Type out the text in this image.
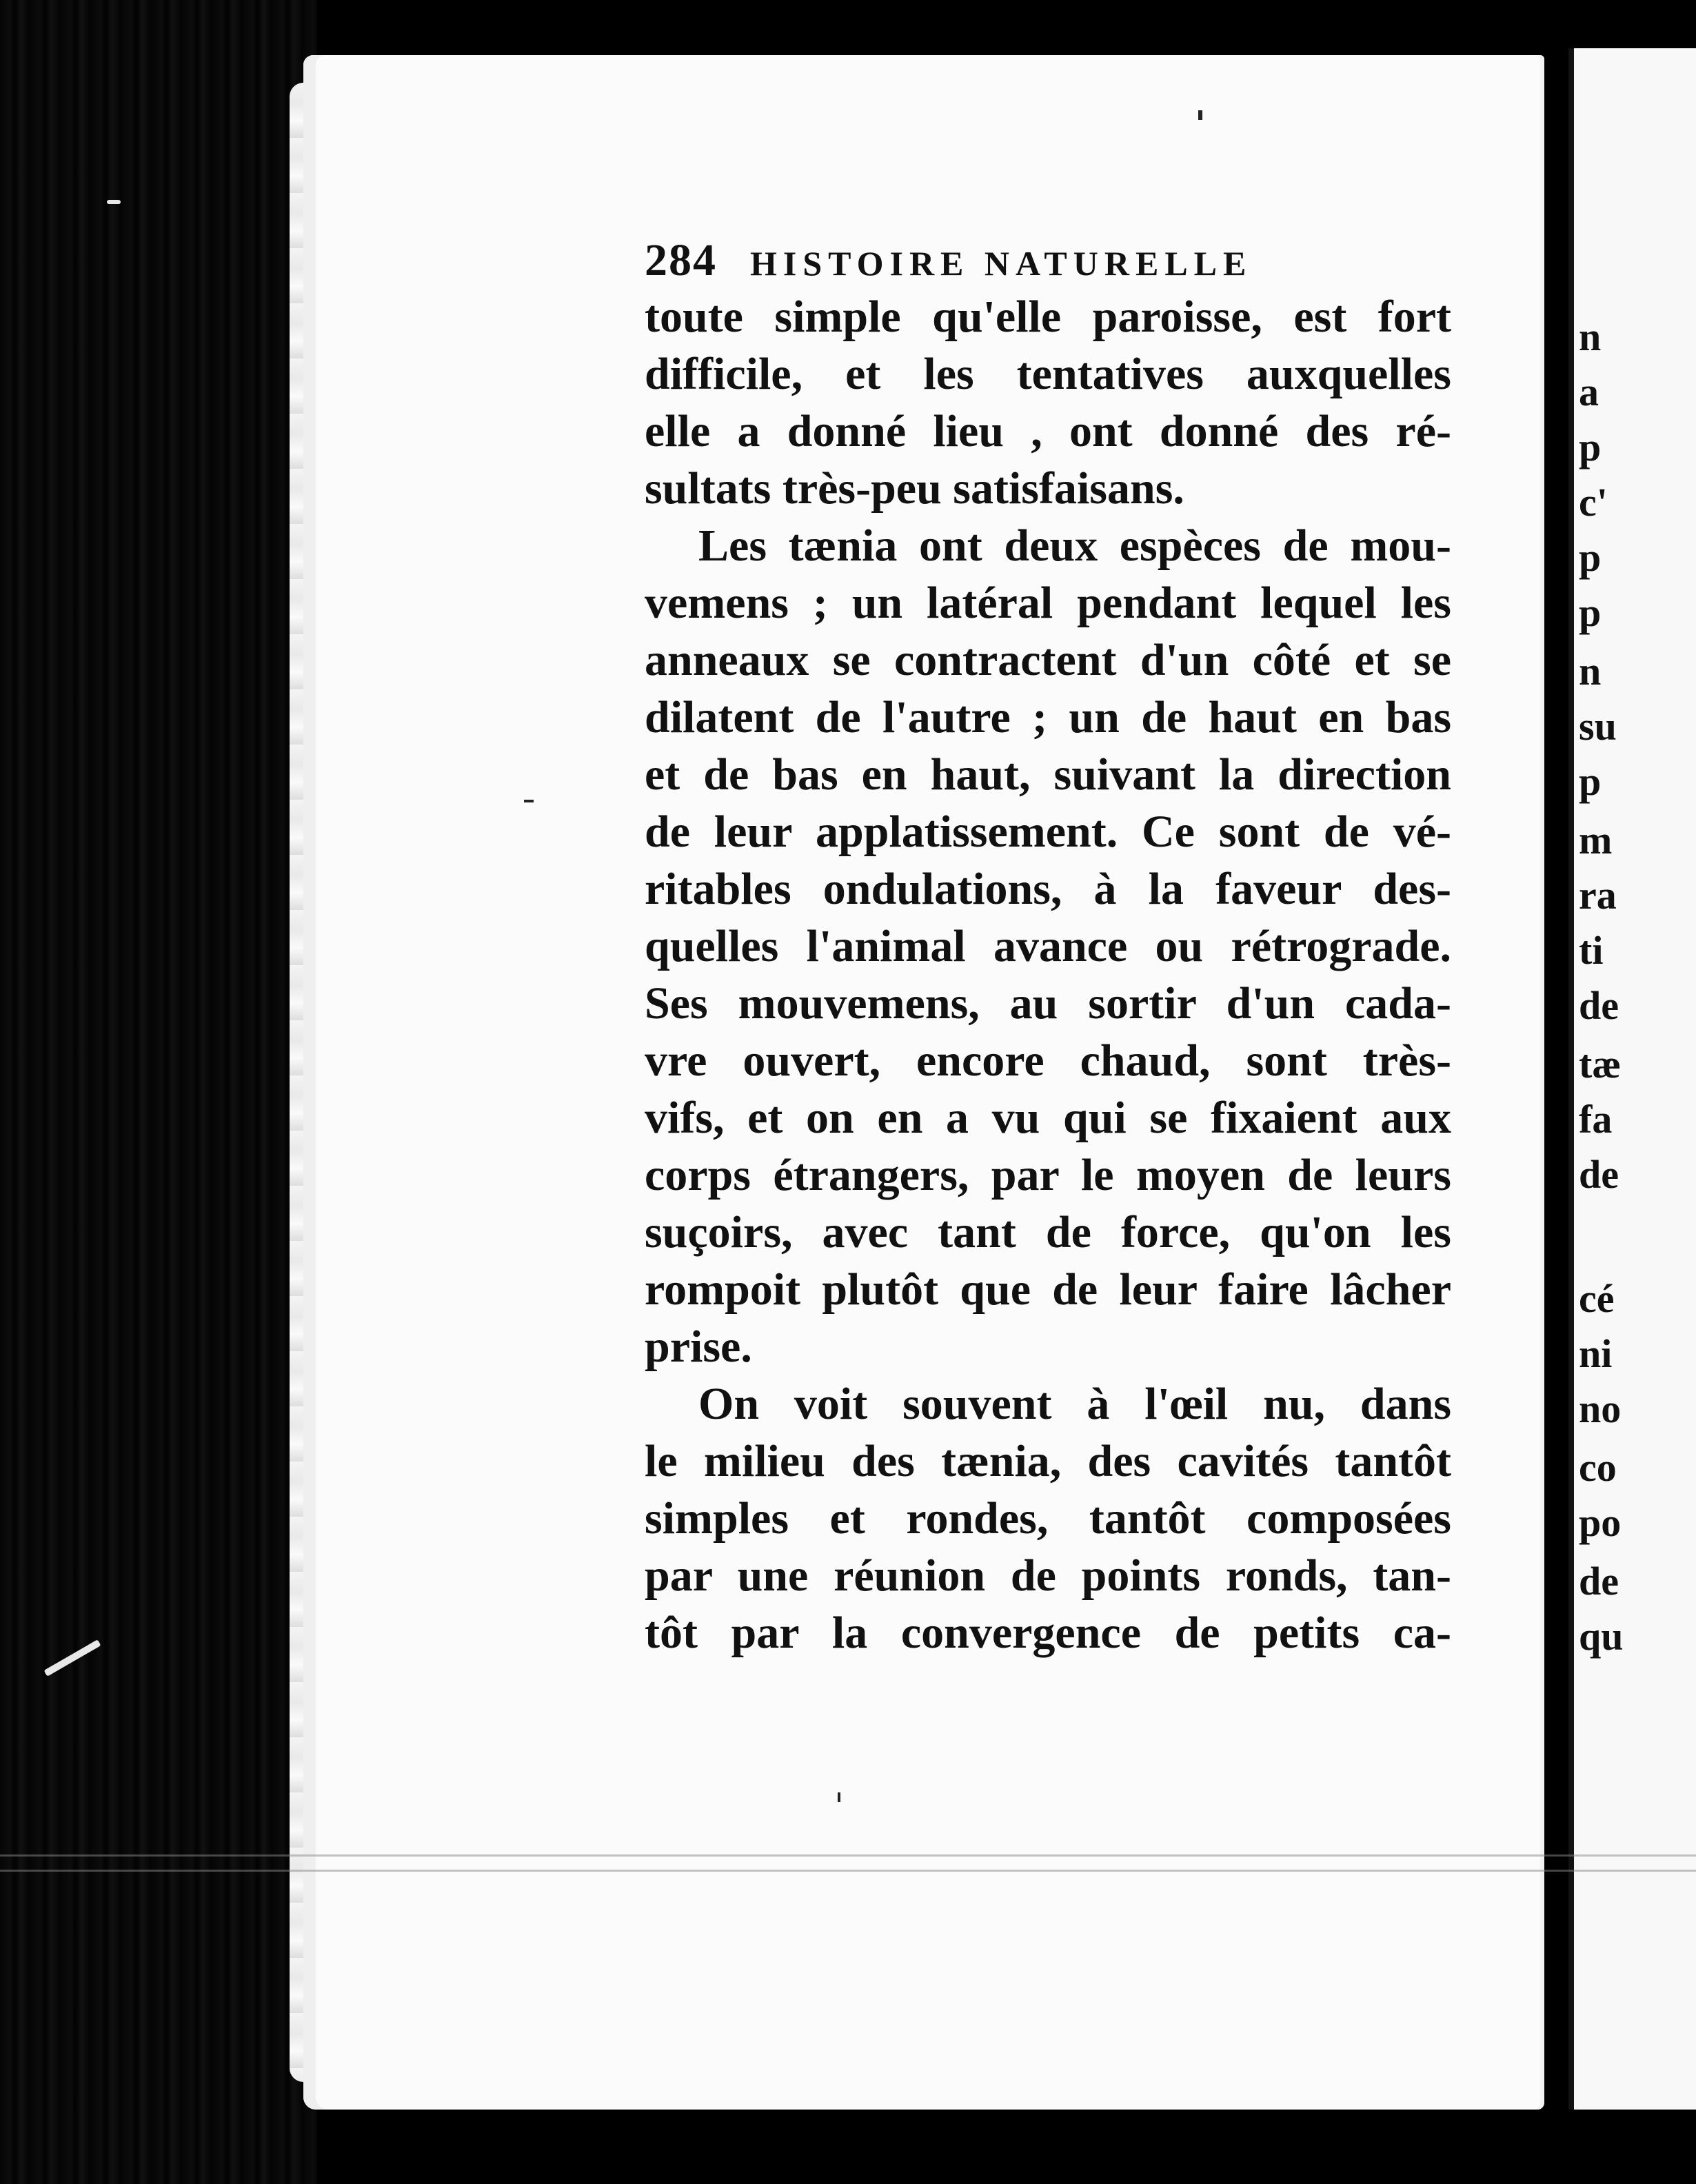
n
a
p
c'
p
p
n
su
p
m
ra
ti
de
tæ
fa
de
cé
ni
no
co
po
de
qu
284 HISTOIRE NATURELLE
toute simple qu'elle paroisse, est fort
difficile, et les tentatives auxquelles
elle a donné lieu , ont donné des ré-
sultats très-peu satisfaisans.
Les tænia ont deux espèces de mou-
vemens ; un latéral pendant lequel les
anneaux se contractent d'un côté et se
dilatent de l'autre ; un de haut en bas
et de bas en haut, suivant la direction
de leur applatissement. Ce sont de vé-
ritables ondulations, à la faveur des-
quelles l'animal avance ou rétrograde.
Ses mouvemens, au sortir d'un cada-
vre ouvert, encore chaud, sont très-
vifs, et on en a vu qui se fixaient aux
corps étrangers, par le moyen de leurs
suçoirs, avec tant de force, qu'on les
rompoit plutôt que de leur faire lâcher
prise.
On voit souvent à l'œil nu, dans
le milieu des tænia, des cavités tantôt
simples et rondes, tantôt composées
par une réunion de points ronds, tan-
tôt par la convergence de petits ca-
